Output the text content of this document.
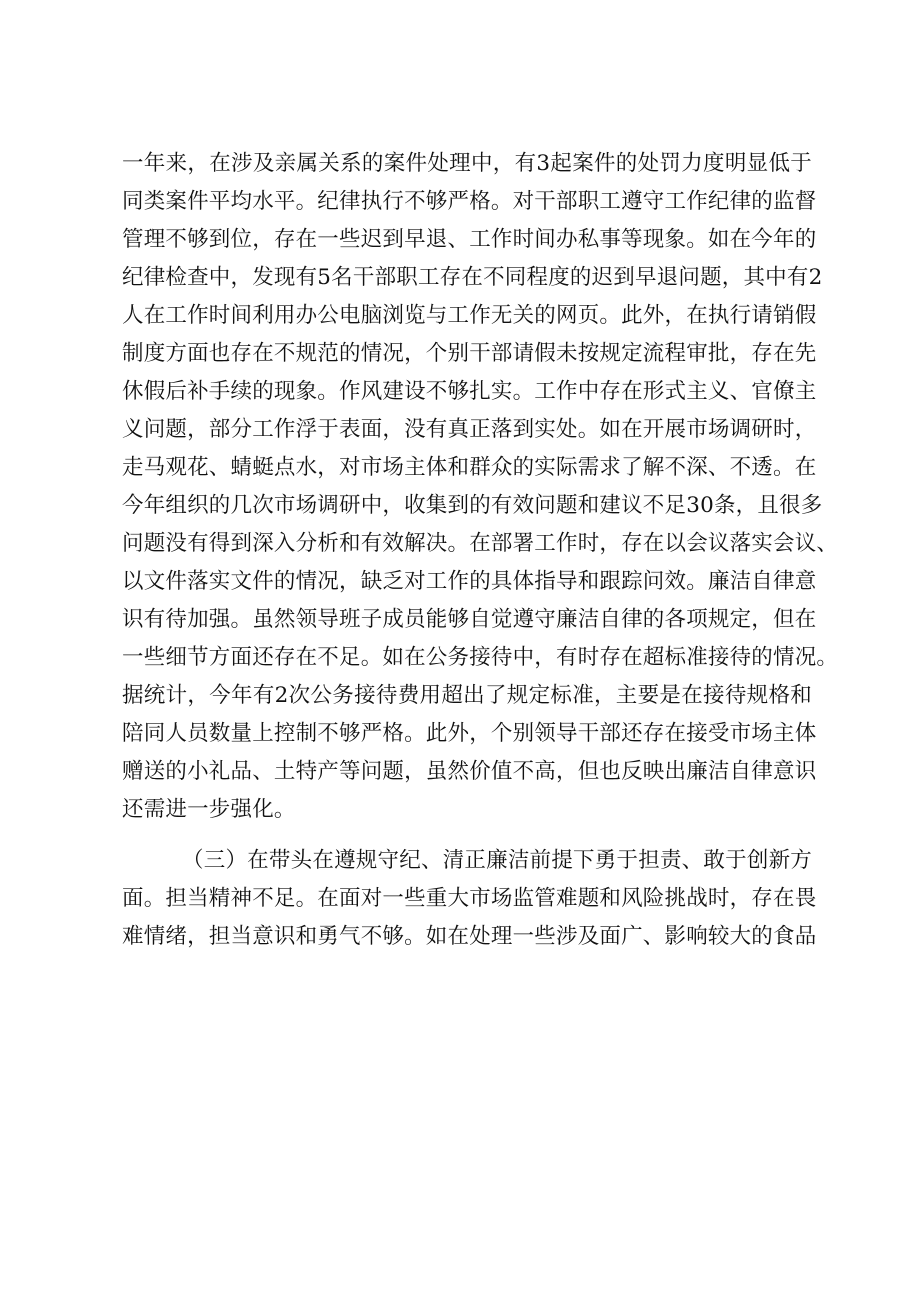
一年来，在涉及亲属关系的案件处理中，有3起案件的处罚力度明显低于
同类案件平均水平。纪律执行不够严格。对干部职工遵守工作纪律的监督
管理不够到位，存在一些迟到早退、工作时间办私事等现象。如在今年的
纪律检查中，发现有5名干部职工存在不同程度的迟到早退问题，其中有2
人在工作时间利用办公电脑浏览与工作无关的网页。此外，在执行请销假
制度方面也存在不规范的情况，个别干部请假未按规定流程审批，存在先
休假后补手续的现象。作风建设不够扎实。工作中存在形式主义、官僚主
义问题，部分工作浮于表面，没有真正落到实处。如在开展市场调研时，
走马观花、蜻蜓点水，对市场主体和群众的实际需求了解不深、不透。在
今年组织的几次市场调研中，收集到的有效问题和建议不足30条，且很多
问题没有得到深入分析和有效解决。在部署工作时，存在以会议落实会议、
以文件落实文件的情况，缺乏对工作的具体指导和跟踪问效。廉洁自律意
识有待加强。虽然领导班子成员能够自觉遵守廉洁自律的各项规定，但在
一些细节方面还存在不足。如在公务接待中，有时存在超标准接待的情况。
据统计，今年有2次公务接待费用超出了规定标准，主要是在接待规格和
陪同人员数量上控制不够严格。此外，个别领导干部还存在接受市场主体
赠送的小礼品、土特产等问题，虽然价值不高，但也反映出廉洁自律意识
还需进一步强化。
（三）在带头在遵规守纪、清正廉洁前提下勇于担责、敢于创新方
面。担当精神不足。在面对一些重大市场监管难题和风险挑战时，存在畏
难情绪，担当意识和勇气不够。如在处理一些涉及面广、影响较大的食品
